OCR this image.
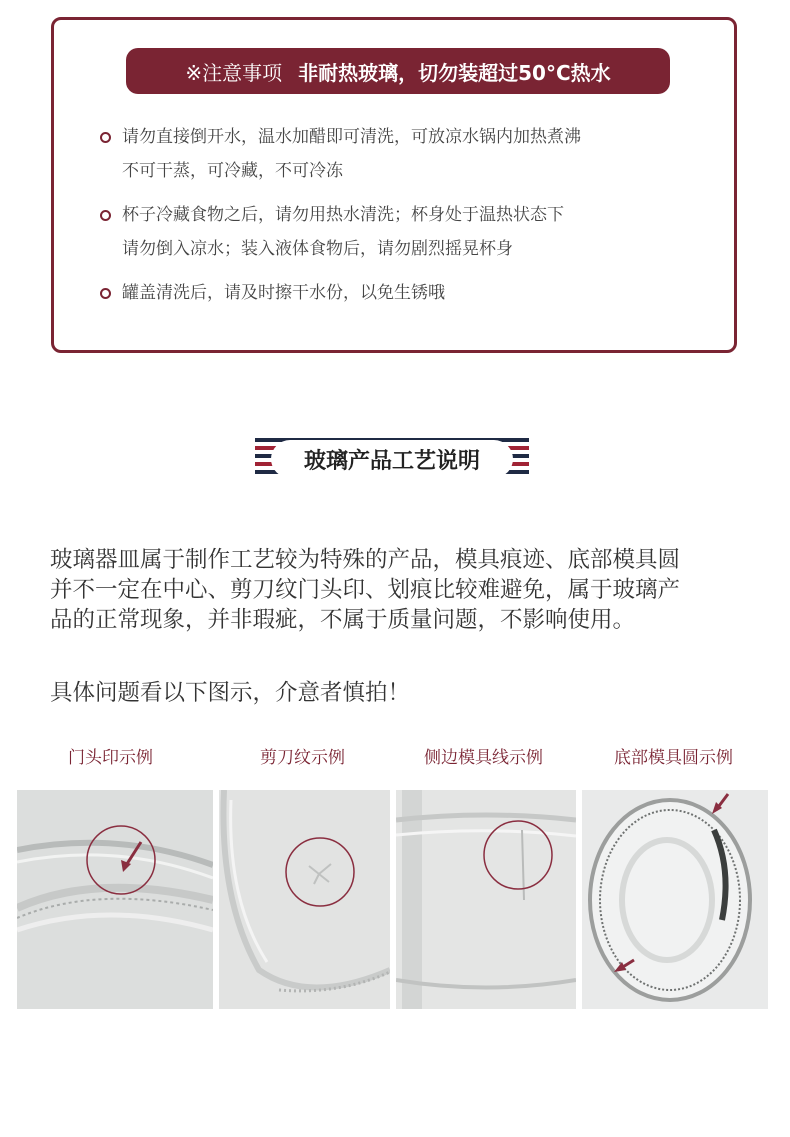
※注意事项 非耐热玻璃，切勿装超过50°C热水
请勿直接倒开水，温水加醋即可清洗，可放凉水锅内加热煮沸
不可干蒸，可冷藏，不可冷冻
杯子冷藏食物之后，请勿用热水清洗；杯身处于温热状态下
请勿倒入凉水；装入液体食物后，请勿剧烈摇晃杯身
罐盖清洗后，请及时擦干水份，以免生锈哦
玻璃产品工艺说明
玻璃器皿属于制作工艺较为特殊的产品，模具痕迹、底部模具圆
并不一定在中心、剪刀纹门头印、划痕比较难避免，属于玻璃产
品的正常现象，并非瑕疵，不属于质量问题，不影响使用。
具体问题看以下图示，介意者慎拍！
门头印示例	剪刀纹示例	侧边模具线示例	底部模具圆示例
